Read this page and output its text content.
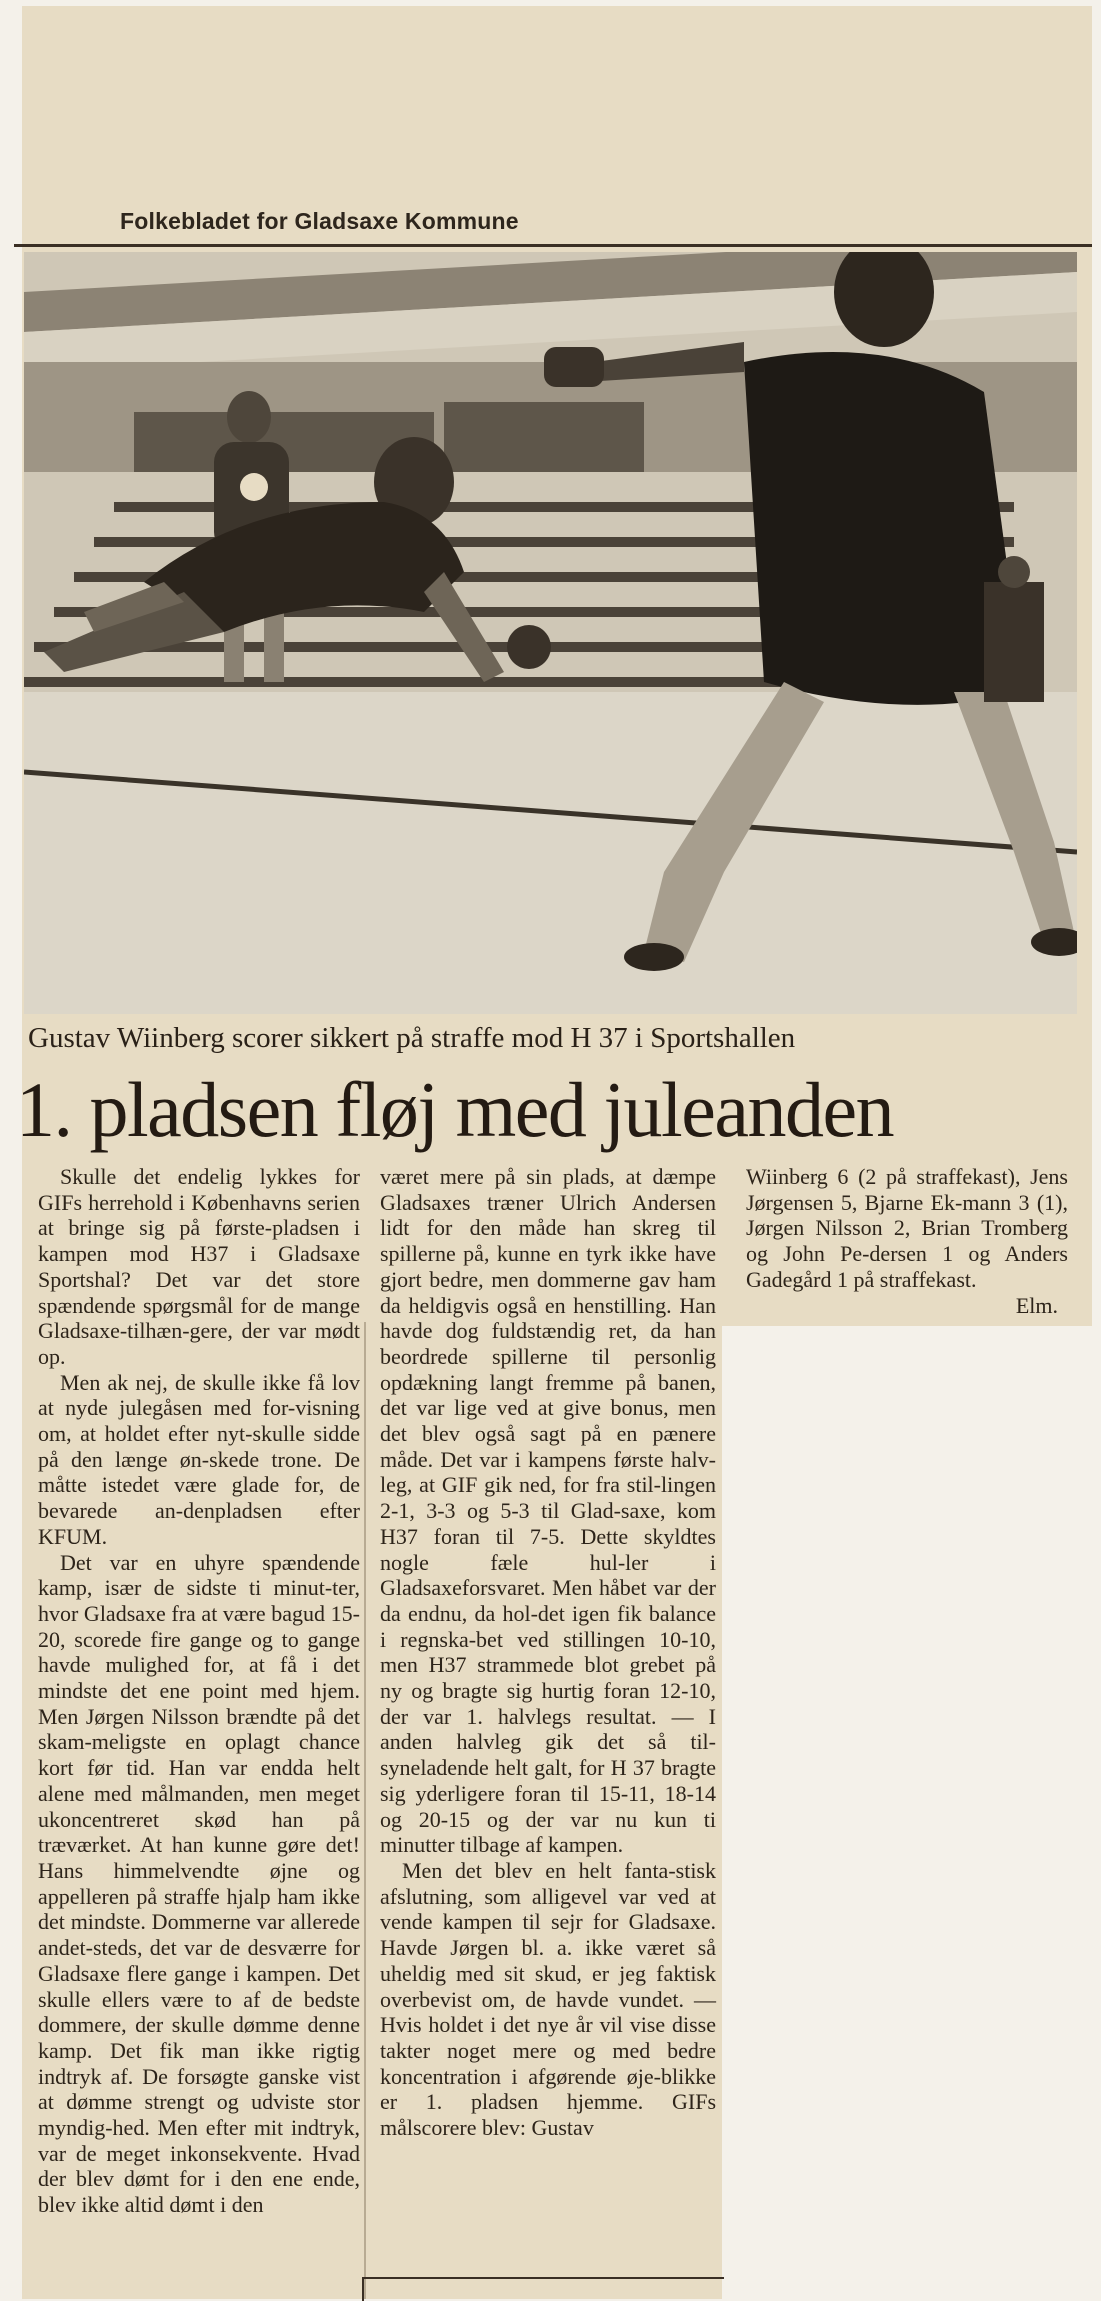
Folkebladet for Gladsaxe Kommune
Gustav Wiinberg scorer sikkert på straffe mod H 37 i Sportshallen
1. pladsen fløj med juleanden

Skulle det endelig lykkes for GIFs herrehold i Københavns serien at bringe sig på første-pladsen i kampen mod H37 i Gladsaxe Sportshal? Det var det store spændende spørgsmål for de mange Gladsaxe-tilhæn-gere, der var mødt op.

Men ak nej, de skulle ikke få lov at nyde julegåsen med for-visning om, at holdet efter nyt-skulle sidde på den længe øn-skede trone. De måtte istedet være glade for, de bevarede an-denpladsen efter KFUM.

Det var en uhyre spændende kamp, især de sidste ti minut-ter, hvor Gladsaxe fra at være bagud 15-20, scorede fire gange og to gange havde mulighed for, at få i det mindste det ene point med hjem. Men Jørgen Nilsson brændte på det skam-meligste en oplagt chance kort før tid. Han var endda helt alene med målmanden, men meget ukoncentreret skød han på træværket. At han kunne gøre det! Hans himmelvendte øjne og appelleren på straffe hjalp ham ikke det mindste. Dommerne var allerede andet-steds, det var de desværre for Gladsaxe flere gange i kampen. Det skulle ellers være to af de bedste dommere, der skulle dømme denne kamp. Det fik man ikke rigtig indtryk af. De forsøgte ganske vist at dømme strengt og udviste stor myndig-hed. Men efter mit indtryk, var de meget inkonsekvente. Hvad der blev dømt for i den ene ende, blev ikke altid dømt i den

været mere på sin plads, at dæmpe Gladsaxes træner Ulrich Andersen lidt for den måde han skreg til spillerne på, kunne en tyrk ikke have gjort bedre, men dommerne gav ham da heldigvis også en henstilling. Han havde dog fuldstændig ret, da han beordrede spillerne til personlig opdækning langt fremme på banen, det var lige ved at give bonus, men det blev også sagt på en pænere måde. Det var i kampens første halv-leg, at GIF gik ned, for fra stil-lingen 2-1, 3-3 og 5-3 til Glad-saxe, kom H37 foran til 7-5. Dette skyldtes nogle fæle hul-ler i Gladsaxeforsvaret. Men håbet var der da endnu, da hol-det igen fik balance i regnska-bet ved stillingen 10-10, men H37 strammede blot grebet på ny og bragte sig hurtig foran 12-10, der var 1. halvlegs resultat. — I anden halvleg gik det så til-syneladende helt galt, for H 37 bragte sig yderligere foran til 15-11, 18-14 og 20-15 og der var nu kun ti minutter tilbage af kampen.

Men det blev en helt fanta-stisk afslutning, som alligevel var ved at vende kampen til sejr for Gladsaxe. Havde Jørgen bl. a. ikke været så uheldig med sit skud, er jeg faktisk overbevist om, de havde vundet. — Hvis holdet i det nye år vil vise disse takter noget mere og med bedre koncentration i afgørende øje-blikke er 1. pladsen hjemme. GIFs målscorere blev: Gustav

Wiinberg 6 (2 på straffekast), Jens Jørgensen 5, Bjarne Ek-mann 3 (1), Jørgen Nilsson 2, Brian Tromberg og John Pe-dersen 1 og Anders Gadegård 1 på straffekast.

Elm.
